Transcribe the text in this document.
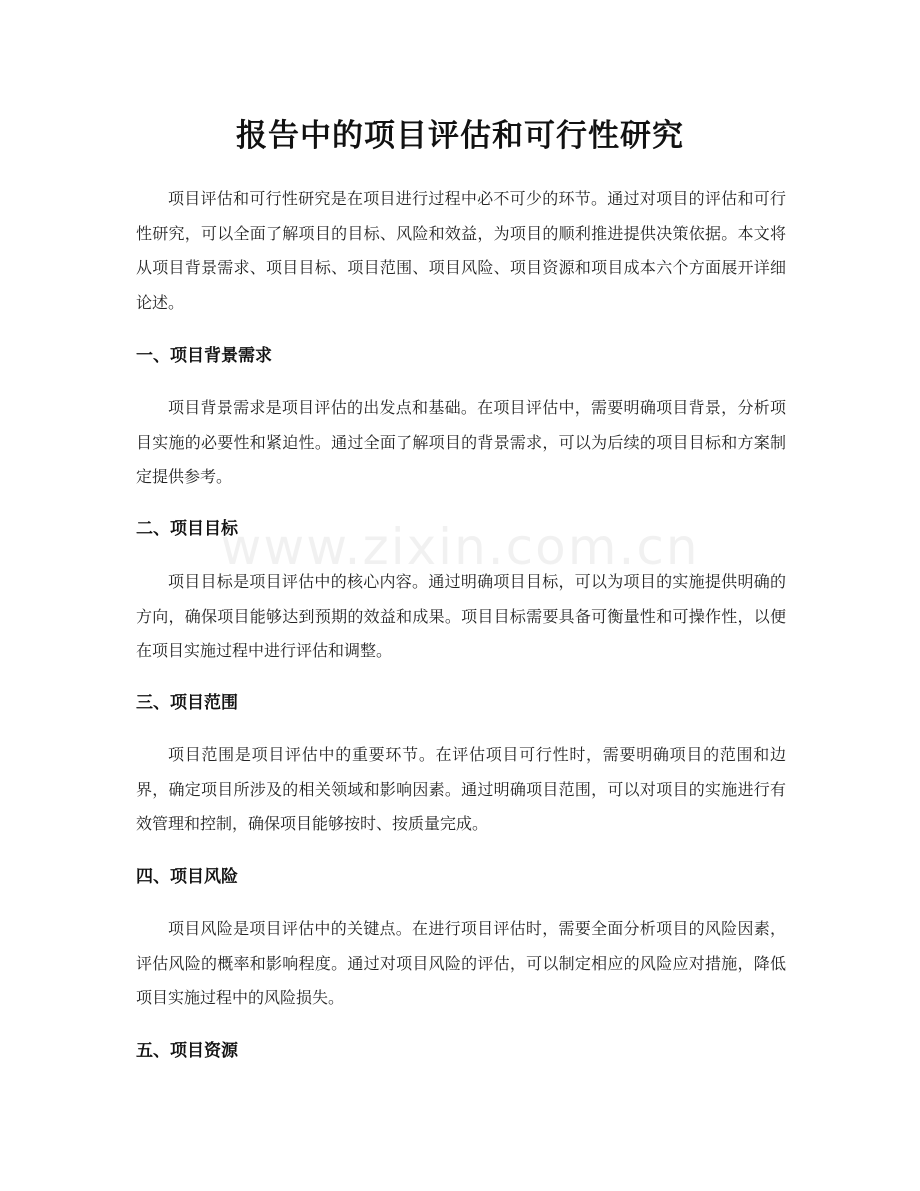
报告中的项目评估和可行性研究

项目评估和可行性研究是在项目进行过程中必不可少的环节。通过对项目的评估和可行性研究，可以全面了解项目的目标、风险和效益，为项目的顺利推进提供决策依据。本文将从项目背景需求、项目目标、项目范围、项目风险、项目资源和项目成本六个方面展开详细论述。

一、项目背景需求

项目背景需求是项目评估的出发点和基础。在项目评估中，需要明确项目背景，分析项目实施的必要性和紧迫性。通过全面了解项目的背景需求，可以为后续的项目目标和方案制定提供参考。

二、项目目标

项目目标是项目评估中的核心内容。通过明确项目目标，可以为项目的实施提供明确的方向，确保项目能够达到预期的效益和成果。项目目标需要具备可衡量性和可操作性，以便在项目实施过程中进行评估和调整。

三、项目范围

项目范围是项目评估中的重要环节。在评估项目可行性时，需要明确项目的范围和边界，确定项目所涉及的相关领域和影响因素。通过明确项目范围，可以对项目的实施进行有效管理和控制，确保项目能够按时、按质量完成。

四、项目风险

项目风险是项目评估中的关键点。在进行项目评估时，需要全面分析项目的风险因素，评估风险的概率和影响程度。通过对项目风险的评估，可以制定相应的风险应对措施，降低项目实施过程中的风险损失。

五、项目资源
www.zixin.com.cn
